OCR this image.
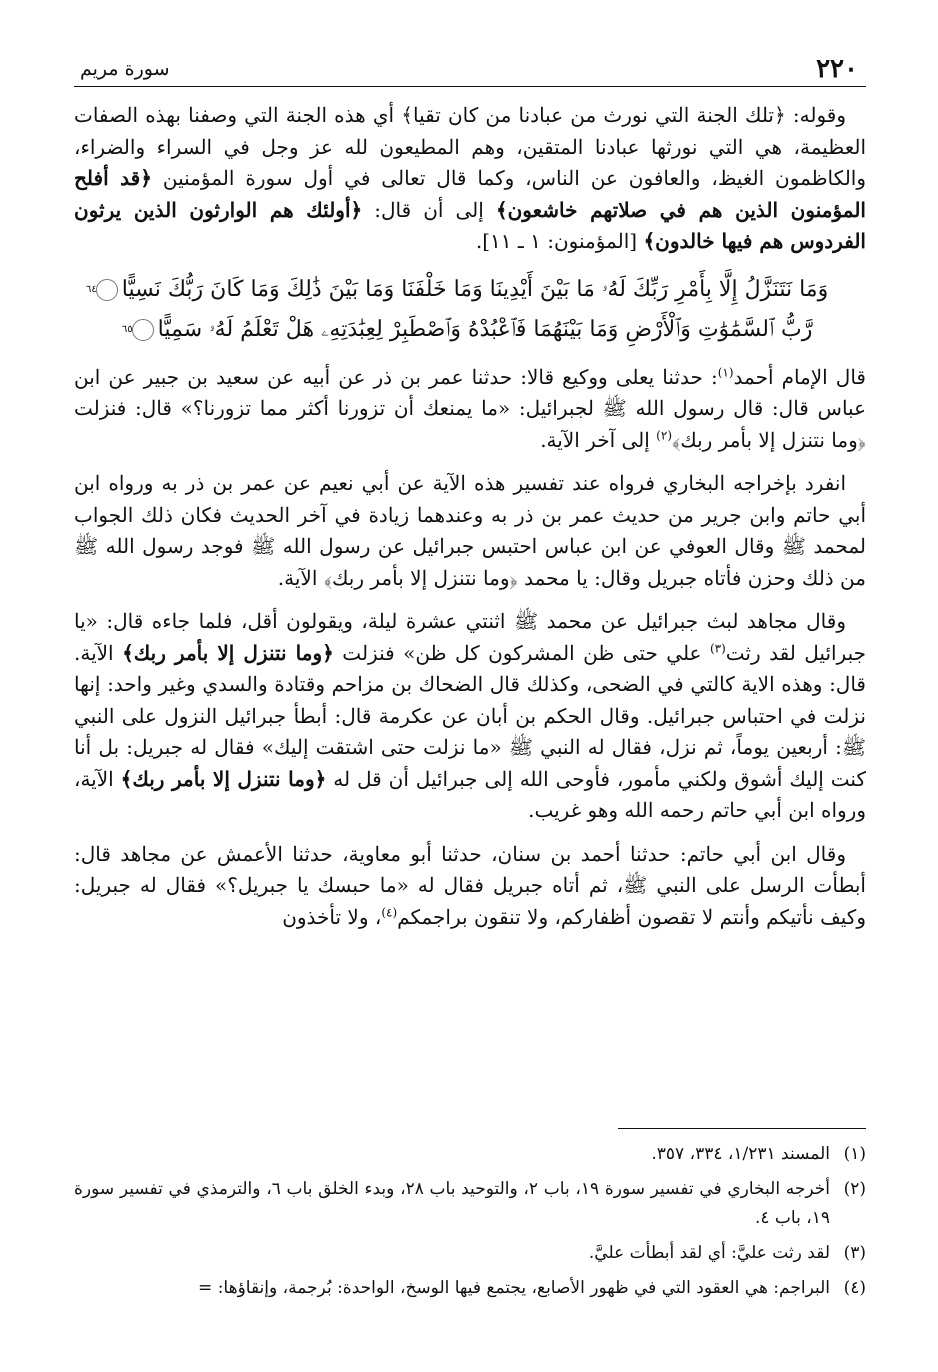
٢٢٠
سورة مريم

وقوله: ﴿تلك الجنة التي نورث من عبادنا من كان تقيا﴾ أي هذه الجنة التي وصفنا بهذه الصفات العظيمة، هي التي نورثها عبادنا المتقين، وهم المطيعون لله عز وجل في السراء والضراء، والكاظمون الغيظ، والعافون عن الناس، وكما قال تعالى في أول سورة المؤمنين ﴿قد أفلح المؤمنون الذين هم في صلاتهم خاشعون﴾ إلى أن قال: ﴿أولئك هم الوارثون الذين يرثون الفردوس هم فيها خالدون﴾ [المؤمنون: ١ ـ ١١].

وَمَا نَتَنَزَّلُ إِلَّا بِأَمْرِ رَبِّكَ لَهُۥ مَا بَيْنَ أَيْدِينَا وَمَا خَلْفَنَا وَمَا بَيْنَ ذَٰلِكَ وَمَا كَانَ رَبُّكَ نَسِيًّا٦٤ رَّبُّ ٱلسَّمَٰوَٰتِ وَٱلْأَرْضِ وَمَا بَيْنَهُمَا فَٱعْبُدْهُ وَٱصْطَبِرْ لِعِبَٰدَتِهِۦ هَلْ تَعْلَمُ لَهُۥ سَمِيًّا٦٥

قال الإمام أحمد$^{(١)}$: حدثنا يعلى ووكيع قالا: حدثنا عمر بن ذر عن أبيه عن سعيد بن جبير عن ابن عباس قال: قال رسول الله ﷺ لجبرائيل: «ما يمنعك أن تزورنا أكثر مما تزورنا؟» قال: فنزلت ﴿وما نتنزل إلا بأمر ربك﴾$^{(٢)}$ إلى آخر الآية.

انفرد بإخراجه البخاري فرواه عند تفسير هذه الآية عن أبي نعيم عن عمر بن ذر به ورواه ابن أبي حاتم وابن جرير من حديث عمر بن ذر به وعندهما زيادة في آخر الحديث فكان ذلك الجواب لمحمد ﷺ وقال العوفي عن ابن عباس احتبس جبرائيل عن رسول الله ﷺ فوجد رسول الله ﷺ من ذلك وحزن فأتاه جبريل وقال: يا محمد ﴿وما نتنزل إلا بأمر ربك﴾ الآية.

وقال مجاهد لبث جبرائيل عن محمد ﷺ اثنتي عشرة ليلة، ويقولون أقل، فلما جاءه قال: «يا جبرائيل لقد رثت$^{(٣)}$ علي حتى ظن المشركون كل ظن» فنزلت ﴿وما نتنزل إلا بأمر ربك﴾ الآية. قال: وهذه الاية كالتي في الضحى، وكذلك قال الضحاك بن مزاحم وقتادة والسدي وغير واحد: إنها نزلت في احتباس جبرائيل. وقال الحكم بن أبان عن عكرمة قال: أبطأ جبرائيل النزول على النبي ﷺ: أربعين يوماً، ثم نزل، فقال له النبي ﷺ «ما نزلت حتى اشتقت إليك» فقال له جبريل: بل أنا كنت إليك أشوق ولكني مأمور، فأوحى الله إلى جبرائيل أن قل له ﴿وما نتنزل إلا بأمر ربك﴾ الآية، ورواه ابن أبي حاتم رحمه الله وهو غريب.

وقال ابن أبي حاتم: حدثنا أحمد بن سنان، حدثنا أبو معاوية، حدثنا الأعمش عن مجاهد قال: أبطأت الرسل على النبي ﷺ، ثم أتاه جبريل فقال له «ما حبسك يا جبريل؟» فقال له جبريل: وكيف نأتيكم وأنتم لا تقصون أظفاركم، ولا تنقون براجمكم$^{(٤)}$، ولا تأخذون

(١)
المسند ١/٢٣١، ٣٣٤، ٣٥٧.
(٢)
أخرجه البخاري في تفسير سورة ١٩، باب ٢، والتوحيد باب ٢٨، وبدء الخلق باب ٦، والترمذي في تفسير سورة ١٩، باب ٤.
(٣)
لقد رثت عليَّ: أي لقد أبطأت عليَّ.
(٤)
البراجم: هي العقود التي في ظهور الأصابع، يجتمع فيها الوسخ، الواحدة: بُرجمة، وإنقاؤها: =
